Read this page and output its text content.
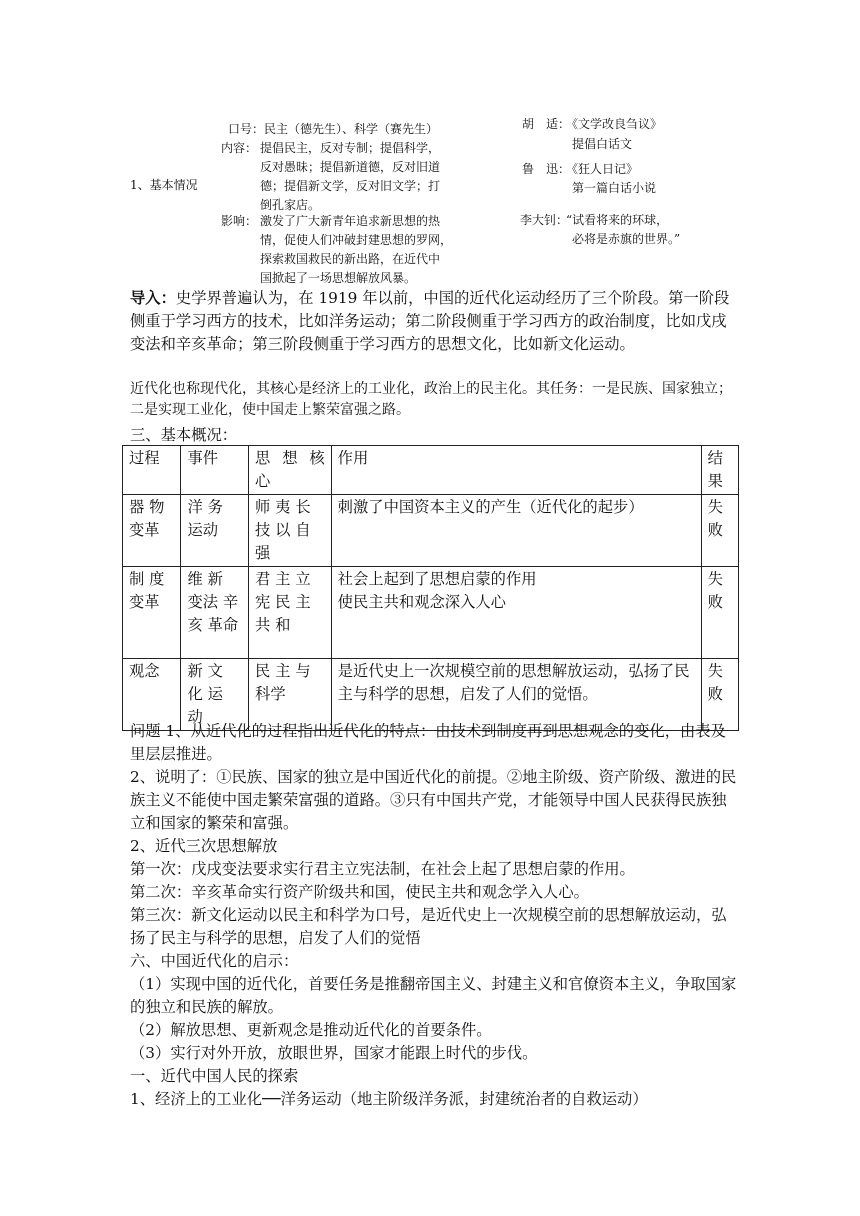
1、基本情况
口号：民主（德先生）、科学（赛先生）
内容： 提倡民主，反对专制；提倡科学，
反对愚昧；提倡新道德，反对旧道
德；提倡新文学，反对旧文学；打
倒孔家店。
影响： 激发了广大新青年追求新思想的热
情，促使人们冲破封建思想的罗网，
探索救国救民的新出路，在近代中
国掀起了一场思想解放风暴。
胡　适：
《文学改良刍议》
提倡白话文
鲁　迅：
《狂人日记》
第一篇白话小说
李大钊：
“试看将来的环球，
必将是赤旗的世界。”

导入：史学界普遍认为，在 1919 年以前，中国的近代化运动经历了三个阶段。第一阶段侧重于学习西方的技术，比如洋务运动；第二阶段侧重于学习西方的政治制度，比如戊戌变法和辛亥革命；第三阶段侧重于学习西方的思想文化，比如新文化运动。

近代化也称现代化，其核心是经济上的工业化，政治上的民主化。其任务：一是民族、国家独立；二是实现工业化，使中国走上繁荣富强之路。
三、基本概况：
过程	事件	思 想 核 心	作用	结果
器 物 变革	洋 务 运动	师 夷 长 技 以 自 强	刺激了中国资本主义的产生（近代化的起步）	失败
制 度 变革	维 新 变法 辛 亥 革命	君 主 立 宪 民 主 共 和	社会上起到了思想启蒙的作用
使民主共和观念深入人心	失败
观念	新 文 化 运 动	民 主 与 科学	是近代史上一次规模空前的思想解放运动，弘扬了民主与科学的思想，启发了人们的觉悟。	失败
问题 1、从近代化的过程指出近代化的特点：由技术到制度再到思想观念的变化，由表及里层层推进。
2、说明了：①民族、国家的独立是中国近代化的前提。②地主阶级、资产阶级、激进的民族主义不能使中国走繁荣富强的道路。③只有中国共产党，才能领导中国人民获得民族独立和国家的繁荣和富强。
2、近代三次思想解放
第一次：戊戌变法要求实行君主立宪法制，在社会上起了思想启蒙的作用。
第二次：辛亥革命实行资产阶级共和国，使民主共和观念学入人心。
第三次：新文化运动以民主和科学为口号，是近代史上一次规模空前的思想解放运动，弘扬了民主与科学的思想，启发了人们的觉悟
六、中国近代化的启示：
（1）实现中国的近代化，首要任务是推翻帝国主义、封建主义和官僚资本主义，争取国家的独立和民族的解放。
（2）解放思想、更新观念是推动近代化的首要条件。
（3）实行对外开放，放眼世界，国家才能跟上时代的步伐。
一、近代中国人民的探索
1、经济上的工业化──洋务运动（地主阶级洋务派，封建统治者的自救运动）
